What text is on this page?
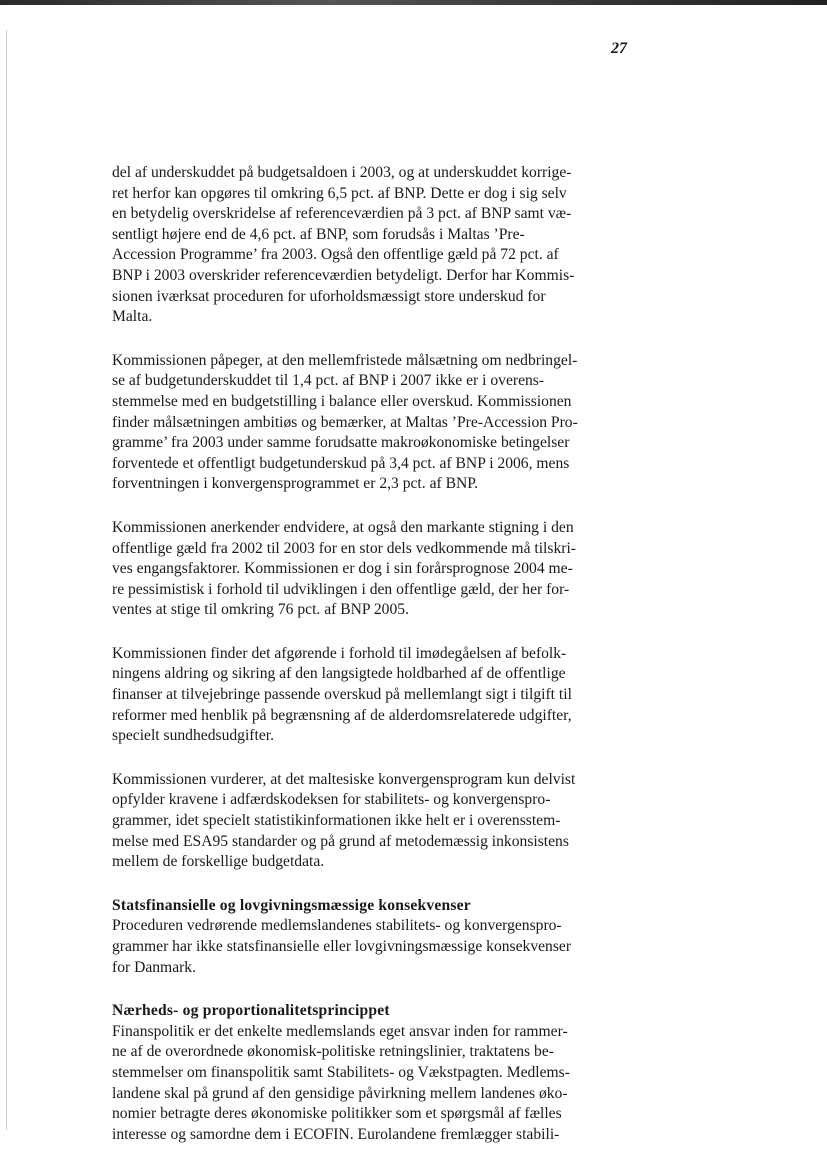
27

del af underskuddet på budgetsaldoen i 2003, og at underskuddet korrige-
ret herfor kan opgøres til omkring 6,5 pct. af BNP. Dette er dog i sig selv
en betydelig overskridelse af referenceværdien på 3 pct. af BNP samt væ-
sentligt højere end de 4,6 pct. af BNP, som forudsås i Maltas ’Pre-
Accession Programme’ fra 2003. Også den offentlige gæld på 72 pct. af
BNP i 2003 overskrider referenceværdien betydeligt. Derfor har Kommis-
sionen iværksat proceduren for uforholdsmæssigt store underskud for
Malta.

Kommissionen påpeger, at den mellemfristede målsætning om nedbringel-
se af budgetunderskuddet til 1,4 pct. af BNP i 2007 ikke er i overens-
stemmelse med en budgetstilling i balance eller overskud. Kommissionen
finder målsætningen ambitiøs og bemærker, at Maltas ’Pre-Accession Pro-
gramme’ fra 2003 under samme forudsatte makroøkonomiske betingelser
forventede et offentligt budgetunderskud på 3,4 pct. af BNP i 2006, mens
forventningen i konvergensprogrammet er 2,3 pct. af BNP.

Kommissionen anerkender endvidere, at også den markante stigning i den
offentlige gæld fra 2002 til 2003 for en stor dels vedkommende må tilskri-
ves engangsfaktorer. Kommissionen er dog i sin forårsprognose 2004 me-
re pessimistisk i forhold til udviklingen i den offentlige gæld, der her for-
ventes at stige til omkring 76 pct. af BNP 2005.

Kommissionen finder det afgørende i forhold til imødegåelsen af befolk-
ningens aldring og sikring af den langsigtede holdbarhed af de offentlige
finanser at tilvejebringe passende overskud på mellemlangt sigt i tilgift til
reformer med henblik på begrænsning af de alderdomsrelaterede udgifter,
specielt sundhedsudgifter.

Kommissionen vurderer, at det maltesiske konvergensprogram kun delvist
opfylder kravene i adfærdskodeksen for stabilitets- og konvergenspro-
grammer, idet specielt statistikinformationen ikke helt er i overensstem-
melse med ESA95 standarder og på grund af metodemæssig inkonsistens
mellem de forskellige budgetdata.

Statsfinansielle og lovgivningsmæssige konsekvenser

Proceduren vedrørende medlemslandenes stabilitets- og konvergenspro-
grammer har ikke statsfinansielle eller lovgivningsmæssige konsekvenser
for Danmark.

Nærheds- og proportionalitetsprincippet

Finanspolitik er det enkelte medlemslands eget ansvar inden for rammer-
ne af de overordnede økonomisk-politiske retningslinier, traktatens be-
stemmelser om finanspolitik samt Stabilitets- og Vækstpagten. Medlems-
landene skal på grund af den gensidige påvirkning mellem landenes øko-
nomier betragte deres økonomiske politikker som et spørgsmål af fælles
interesse og samordne dem i ECOFIN. Eurolandene fremlægger stabili-
